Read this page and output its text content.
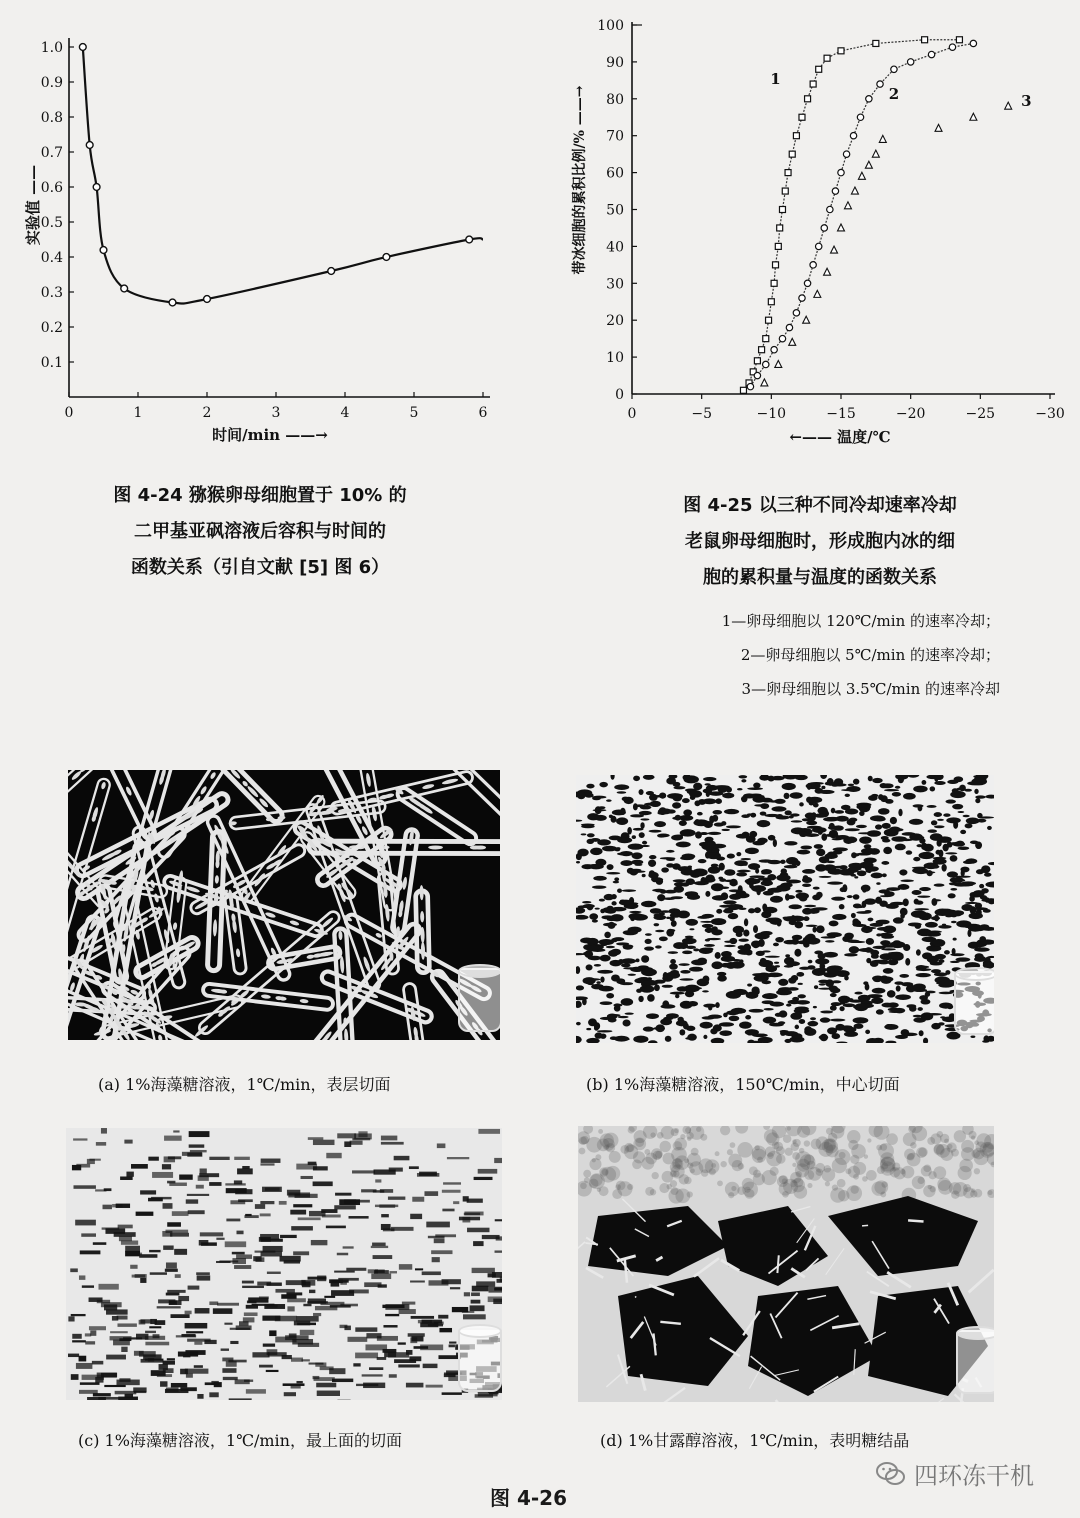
0	1	2	3	4	5	6
0.1
0.2
0.3
0.4
0.5
0.6
0.7
0.8
0.9
1.0
实验值 ——
时间/min ——→
图 4-24 猕猴卵母细胞置于 10% 的
二甲基亚砜溶液后容积与时间的
函数关系（引自文献 [5] 图 6）
0	−5	−10	−15	−20	−25	−30
0
10
20
30
40
50
60
70
80
90
100
带冰细胞的累积比例/% ——→
←—— 温度/℃
1
2	3
图 4-25 以三种不同冷却速率冷却
老鼠卵母细胞时，形成胞内冰的细
胞的累积量与温度的函数关系
1—卵母细胞以 120℃/min 的速率冷却；
2—卵母细胞以 5℃/min 的速率冷却；
3—卵母细胞以 3.5℃/min 的速率冷却
(a) 1%海藻糖溶液，1℃/min，表层切面	(b) 1%海藻糖溶液，150℃/min，中心切面
(c) 1%海藻糖溶液，1℃/min，最上面的切面	(d) 1%甘露醇溶液，1℃/min，表明糖结晶
图 4-26
四环冻干机
